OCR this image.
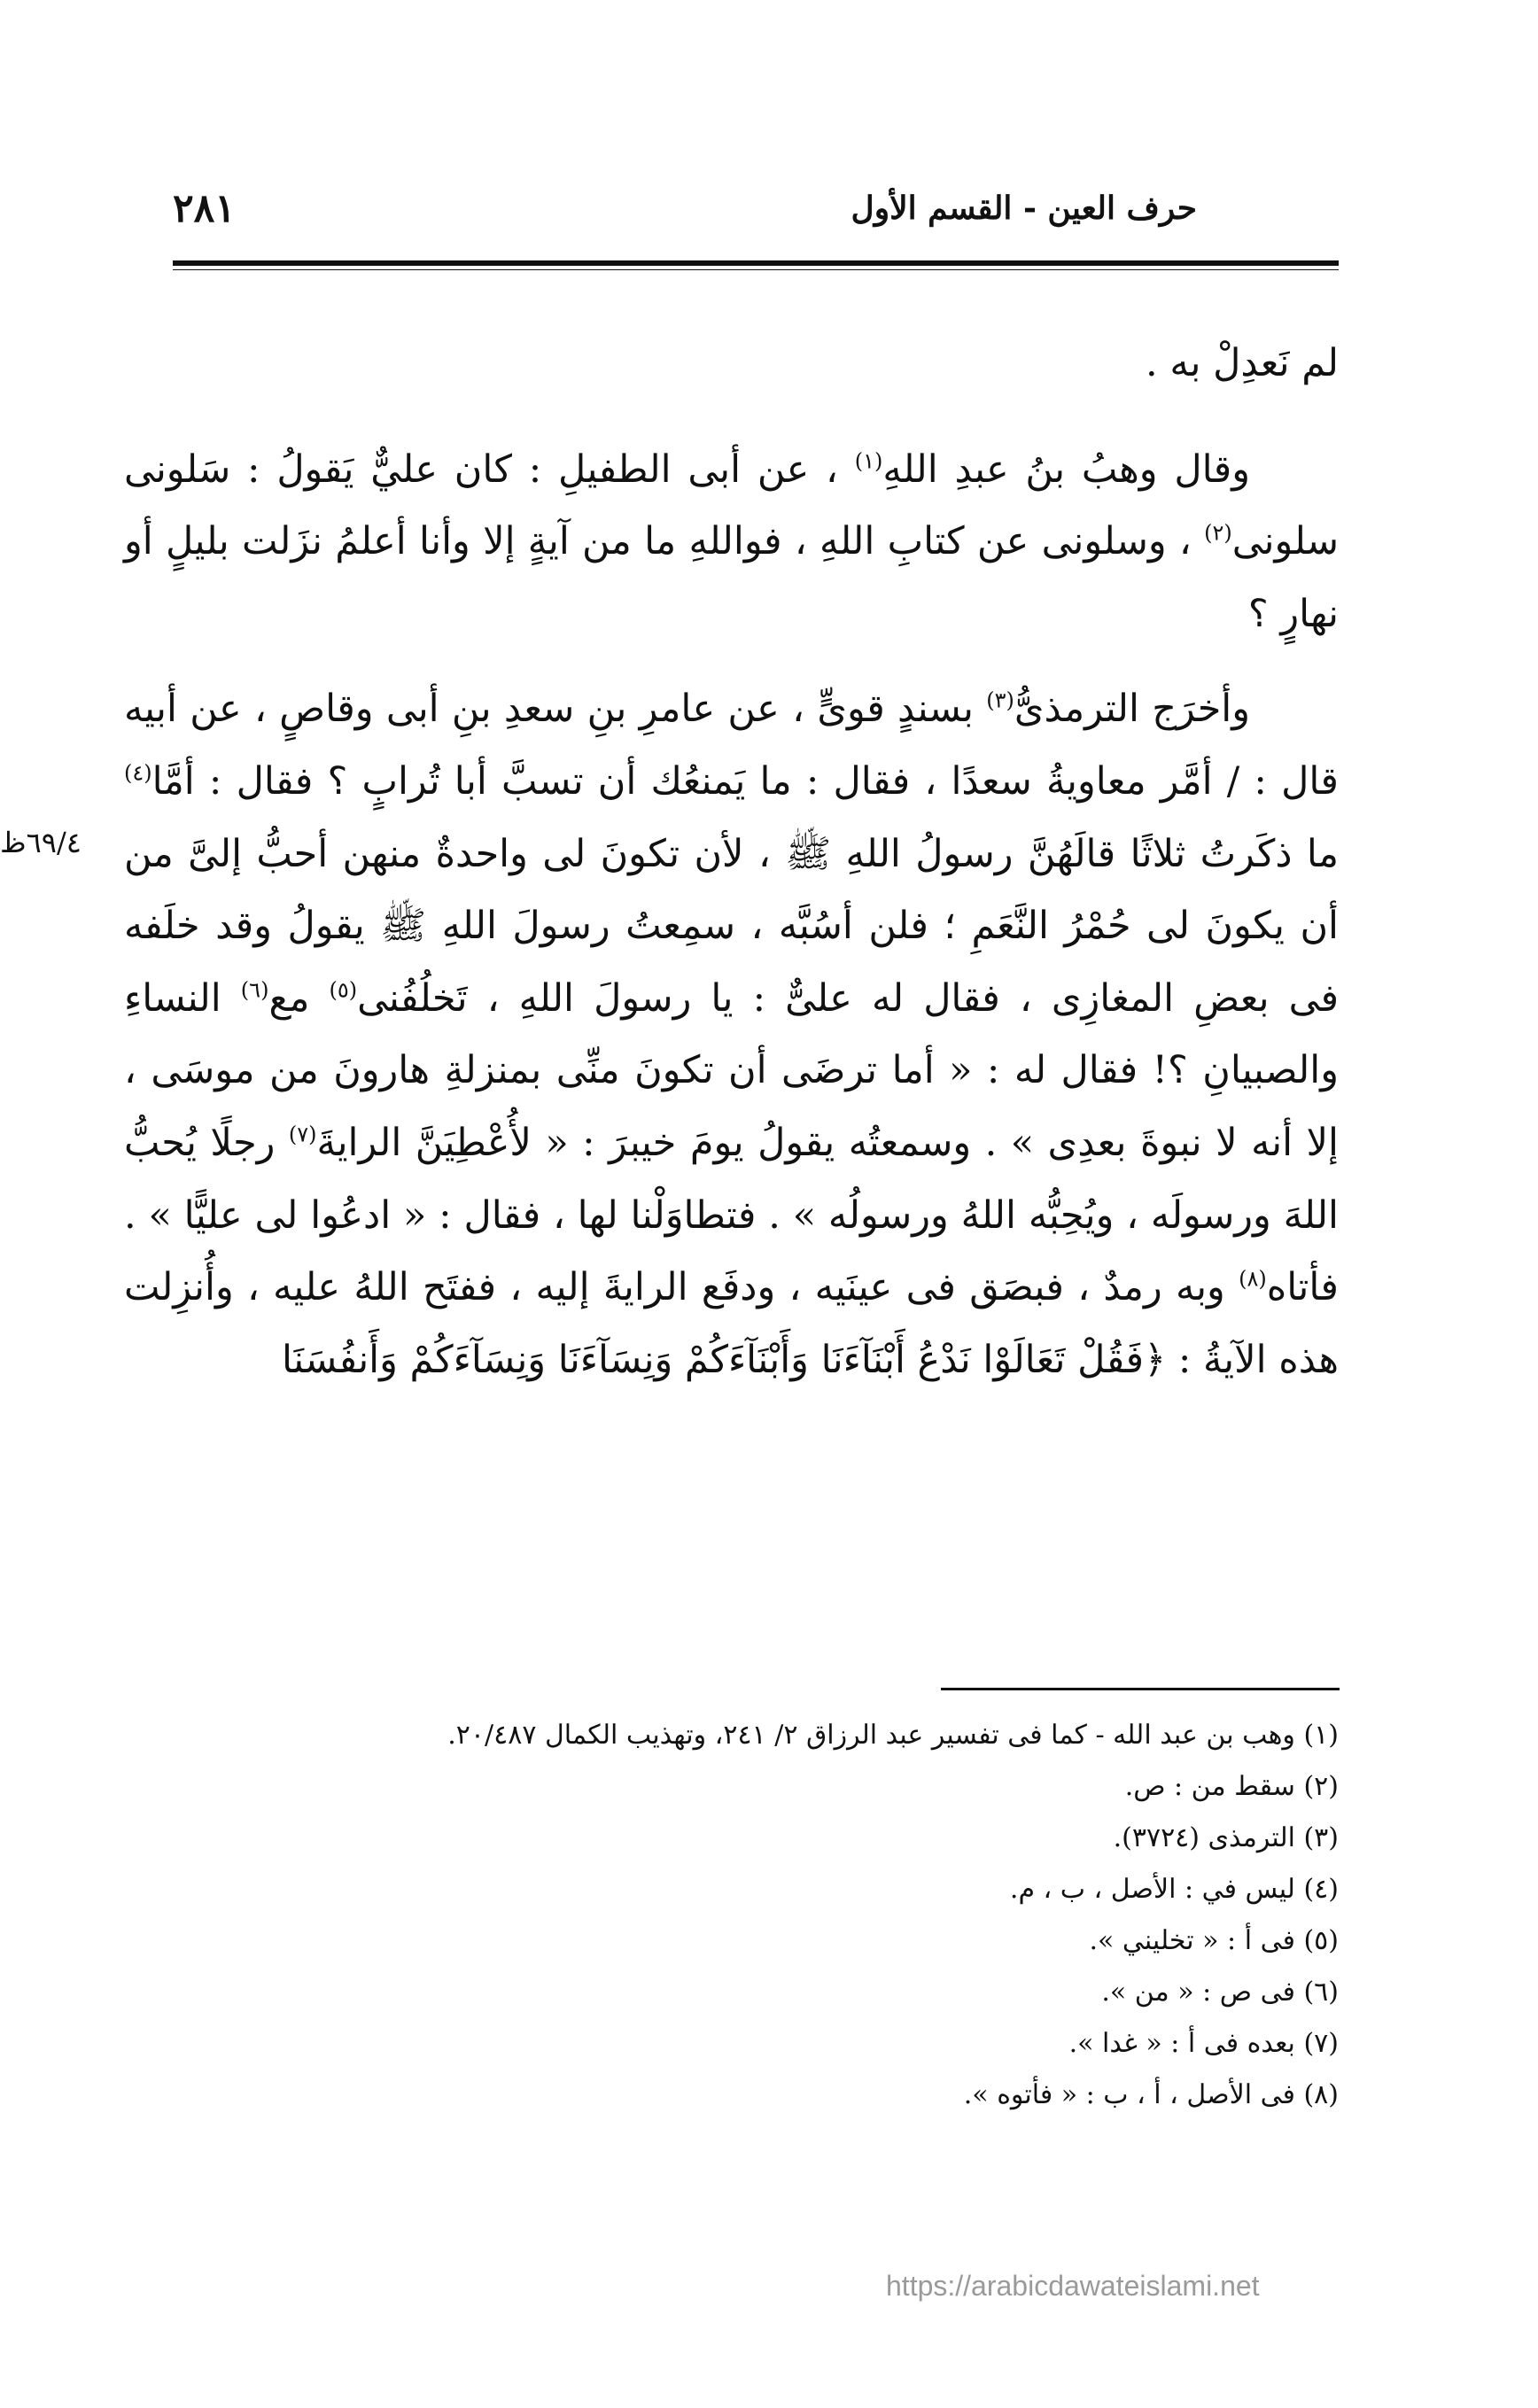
٢٨١	حرف العين - القسم الأول
٦٩/٤ظ

لم نَعدِلْ به .

وقال وهبُ بنُ عبدِ اللهِ$^{(١)}$ ، عن أبى الطفيلِ : كان عليٌّ يَقولُ : سَلونى سلونى$^{(٢)}$ ، وسلونى عن كتابِ اللهِ ، فواللهِ ما من آيةٍ إلا وأنا أعلمُ نزَلت بليلٍ أو نهارٍ ؟

وأخرَج الترمذىُّ$^{(٣)}$ بسندٍ قوىٍّ ، عن عامرِ بنِ سعدِ بنِ أبى وقاصٍ ، عن أبيه قال : / أمَّر معاويةُ سعدًا ، فقال : ما يَمنعُك أن تسبَّ أبا تُرابٍ ؟ فقال : أمَّا$^{(٤)}$ ما ذكَرتُ ثلاثًا قالَهُنَّ رسولُ اللهِ ﷺ ، لأن تكونَ لى واحدةٌ منهن أحبُّ إلىَّ من أن يكونَ لى حُمْرُ النَّعَمِ ؛ فلن أسُبَّه ، سمِعتُ رسولَ اللهِ ﷺ يقولُ وقد خلَفه فى بعضِ المغازِى ، فقال له علىٌّ : يا رسولَ اللهِ ، تَخلُفُنى$^{(٥)}$ مع$^{(٦)}$ النساءِ والصبيانِ ؟! فقال له : « أما ترضَى أن تكونَ منِّى بمنزلةِ هارونَ من موسَى ، إلا أنه لا نبوةَ بعدِى » . وسمعتُه يقولُ يومَ خيبرَ : « لأُعْطِيَنَّ الرايةَ$^{(٧)}$ رجلًا يُحبُّ اللهَ ورسولَه ، ويُحِبُّه اللهُ ورسولُه » . فتطاوَلْنا لها ، فقال : « ادعُوا لى عليًّا » . فأتاه$^{(٨)}$ وبه رمدٌ ، فبصَق فى عينَيه ، ودفَع الرايةَ إليه ، ففتَح اللهُ عليه ، وأُنزِلت هذه الآيةُ : ﴿فَقُلْ تَعَالَوْا نَدْعُ أَبْنَآءَنَا وَأَبْنَآءَكُمْ وَنِسَآءَنَا وَنِسَآءَكُمْ وَأَنفُسَنَا

(١) وهب بن عبد الله - كما فى تفسير عبد الرزاق ٢/ ٢٤١، وتهذيب الكمال ٢٠/٤٨٧.
(٢) سقط من : ص.
(٣) الترمذى (٣٧٢٤).
(٤) ليس في : الأصل ، ب ، م.
(٥) فى أ : « تخليني ».
(٦) فى ص : « من ».
(٧) بعده فى أ : « غدا ».
(٨) فى الأصل ، أ ، ب : « فأتوه ».
https://arabicdawateislami.net
